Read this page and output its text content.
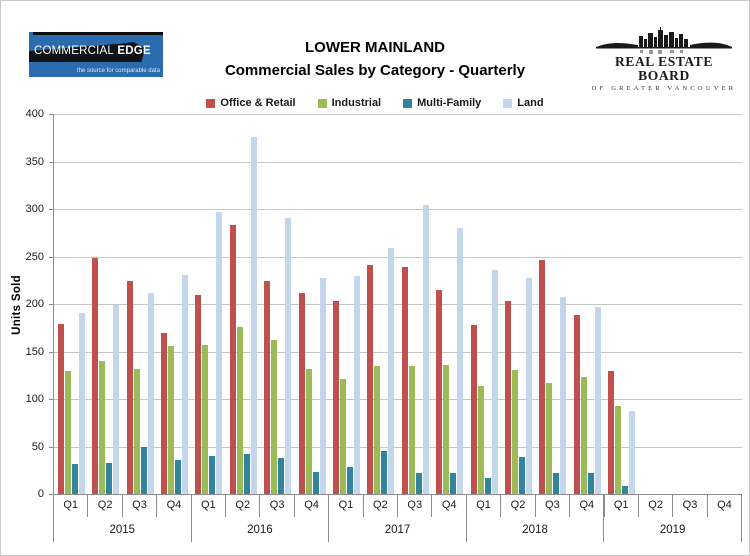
COMMERCIAL EDGE
the source for comparable data
LOWER MAINLAND
Commercial Sales by Category - Quarterly
REAL ESTATE BOARD
OF GREATER VANCOUVER
Office & Retail	Industrial	Multi-Family	Land
Units Sold
0
50
100
150
200
250
300
350
400
Q1	Q2	Q3	Q4	Q1	Q2	Q3	Q4	Q1	Q2	Q3	Q4	Q1	Q2	Q3	Q4	Q1	Q2	Q3	Q4
2015	2016	2017	2018	2019
